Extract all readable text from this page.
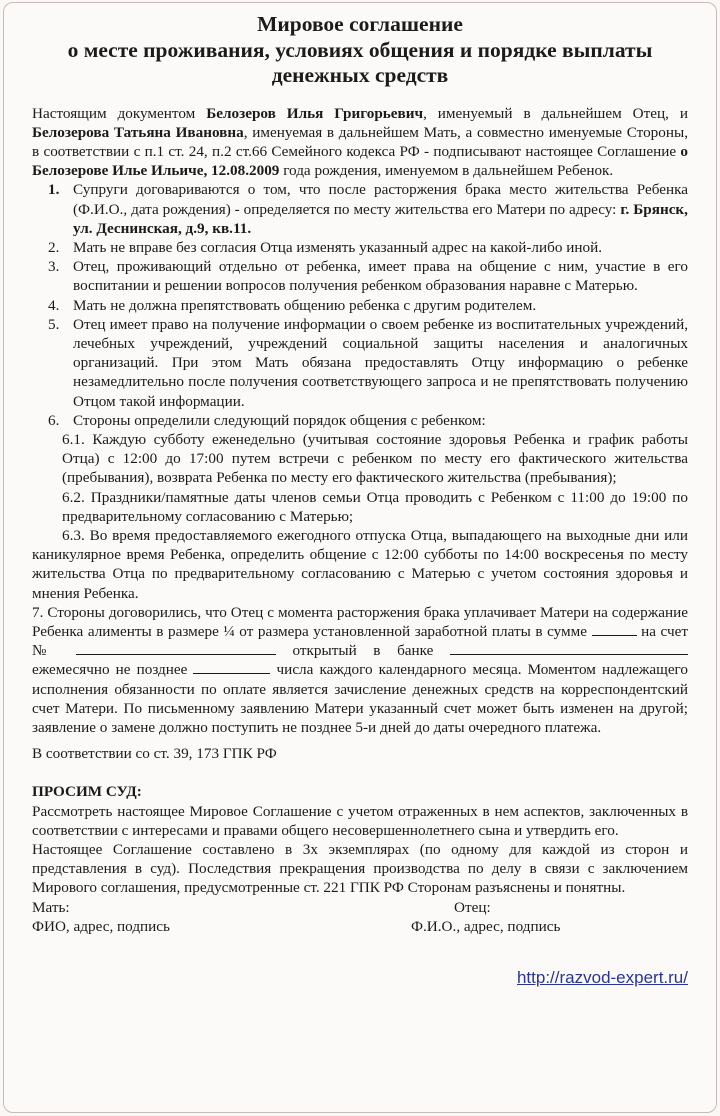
Мировое соглашение
о месте проживания, условиях общения и порядке выплаты
денежных средств

Настоящим документом Белозеров Илья Григорьевич, именуемый в дальнейшем Отец, и Белозерова Татьяна Ивановна, именуемая в дальнейшем Мать, а совместно именуемые Стороны, в соответствии с п.1 ст. 24, п.2 ст.66 Семейного кодекса РФ - подписывают настоящее Соглашение о Белозерове Илье Ильиче, 12.08.2009 года рождения, именуемом в дальнейшем Ребенок.

1. Супруги договариваются о том, что после расторжения брака место жительства Ребенка (Ф.И.О., дата рождения) - определяется по месту жительства его Матери по адресу: г. Брянск, ул. Деснинская, д.9, кв.11.
2. Мать не вправе без согласия Отца изменять указанный адрес на какой-либо иной.
3. Отец, проживающий отдельно от ребенка, имеет права на общение с ним, участие в его воспитании и решении вопросов получения ребенком образования наравне с Матерью.
4. Мать не должна препятствовать общению ребенка с другим родителем.
5. Отец имеет право на получение информации о своем ребенке из воспитательных учреждений, лечебных учреждений, учреждений социальной защиты населения и аналогичных организаций. При этом Мать обязана предоставлять Отцу информацию о ребенке незамедлительно после получения соответствующего запроса и не препятствовать получению Отцом такой информации.
6. Стороны определили следующий порядок общения с ребенком:

6.1. Каждую субботу еженедельно (учитывая состояние здоровья Ребенка и график работы Отца) с 12:00 до 17:00 путем встречи с ребенком по месту его фактического жительства (пребывания), возврата Ребенка по месту его фактического жительства (пребывания);

6.2. Праздники/памятные даты членов семьи Отца проводить с Ребенком с 11:00 до 19:00 по предварительному согласованию с Матерью;

6.3. Во время предоставляемого ежегодного отпуска Отца, выпадающего на выходные дни или каникулярное время Ребенка, определить общение с 12:00 субботы по 14:00 воскресенья по месту жительства Отца по предварительному согласованию с Матерью с учетом состояния здоровья и мнения Ребенка.

7. Стороны договорились, что Отец с момента расторжения брака уплачивает Матери на содержание Ребенка алименты в размере ¼ от размера установленной заработной платы в сумме	на счет №	открытый в банке ежемесячно не позднее	числа каждого календарного месяца. Моментом надлежащего исполнения обязанности по оплате является зачисление денежных средств на корреспондентский счет Матери. По письменному заявлению Матери указанный счет может быть изменен на другой; заявление о замене должно поступить не позднее 5-и дней до даты очередного платежа.

В соответствии со ст. 39, 173 ГПК РФ

ПРОСИМ СУД:

Рассмотреть настоящее Мировое Соглашение с учетом отраженных в нем аспектов, заключенных в соответствии с интересами и правами общего несовершеннолетнего сына и утвердить его.

Настоящее Соглашение составлено в 3х экземплярах (по одному для каждой из сторон и представления в суд). Последствия прекращения производства по делу в связи с заключением Мирового соглашения, предусмотренные ст. 221 ГПК РФ Сторонам разъяснены и понятны.

Мать:	Отец:
ФИО, адрес, подпись	Ф.И.О., адрес, подпись
http://razvod-expert.ru/
